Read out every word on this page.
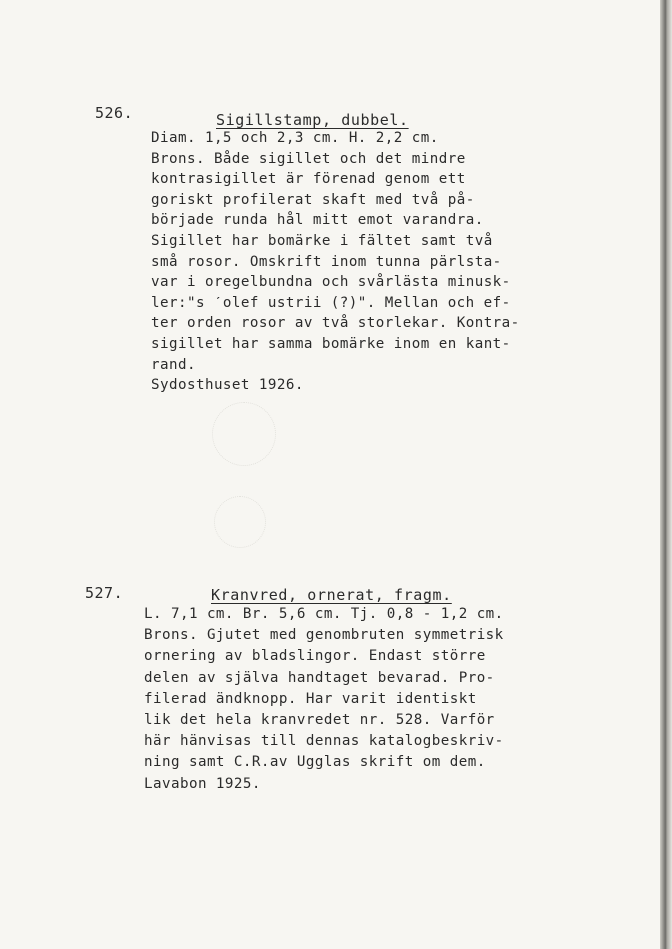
526.	Sigillstamp, dubbel.
Diam. 1,5 och 2,3 cm. H. 2,2 cm.
Brons. Både sigillet och det mindre
kontrasigillet är förenad genom ett
goriskt profilerat skaft med två på-
började runda hål mitt emot varandra.
Sigillet har bomärke i fältet samt två
små rosor. Omskrift inom tunna pärlsta-
var i oregelbundna och svårlästa minusk-
ler:"s ˊolef ustrii (?)". Mellan och ef-
ter orden rosor av två storlekar. Kontra-
sigillet har samma bomärke inom en kant-
rand.
Sydosthuset 1926.
527.	Kranvred, ornerat, fragm.
L. 7,1 cm. Br. 5,6 cm. Tj. 0,8 - 1,2 cm.
Brons. Gjutet med genombruten symmetrisk
ornering av bladslingor. Endast större
delen av själva handtaget bevarad. Pro-
filerad ändknopp. Har varit identiskt
lik det hela kranvredet nr. 528. Varför
här hänvisas till dennas katalogbeskriv-
ning samt C.R.av Ugglas skrift om dem.
Lavabon 1925.
